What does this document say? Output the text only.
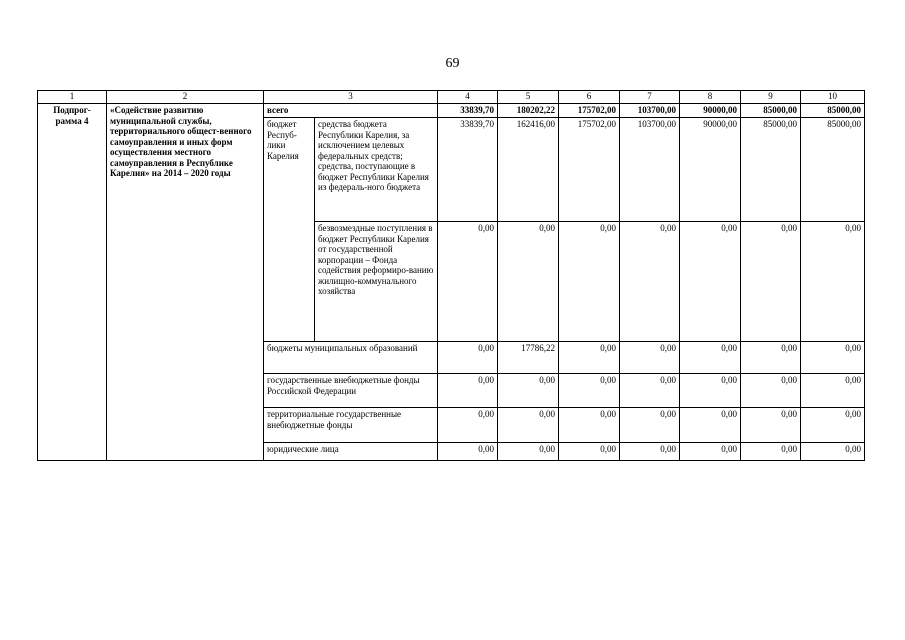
69
1	2	3		4	5	6	7	8	9	10
Подпрог-рамма 4	«Содействие развитию муниципальной службы, территориального общест-венного самоуправления и иных форм осуществления местного самоуправления в Республике Карелия» на 2014 – 2020 годы	всего		33839,70	180202,22	175702,00	103700,00	90000,00	85000,00	85000,00
		бюджет Респуб-лики Карелия	средства бюджета Республики Карелия, за исключением целевых федеральных средств; средства, поступающие в бюджет Республики Карелия из федераль-ного бюджета	33839,70	162416,00	175702,00	103700,00	90000,00	85000,00	85000,00
			безвозмездные поступления в бюджет Республики Карелия от государственной корпорации – Фонда содействия реформиро-ванию жилищно-коммунального хозяйства	0,00	0,00	0,00	0,00	0,00	0,00	0,00
		бюджеты муниципальных образований		0,00	17786,22	0,00	0,00	0,00	0,00	0,00
		государственные внебюджетные фонды Российской Федерации		0,00	0,00	0,00	0,00	0,00	0,00	0,00
		территориальные государственные внебюджетные фонды		0,00	0,00	0,00	0,00	0,00	0,00	0,00
		юридические лица		0,00	0,00	0,00	0,00	0,00	0,00	0,00
